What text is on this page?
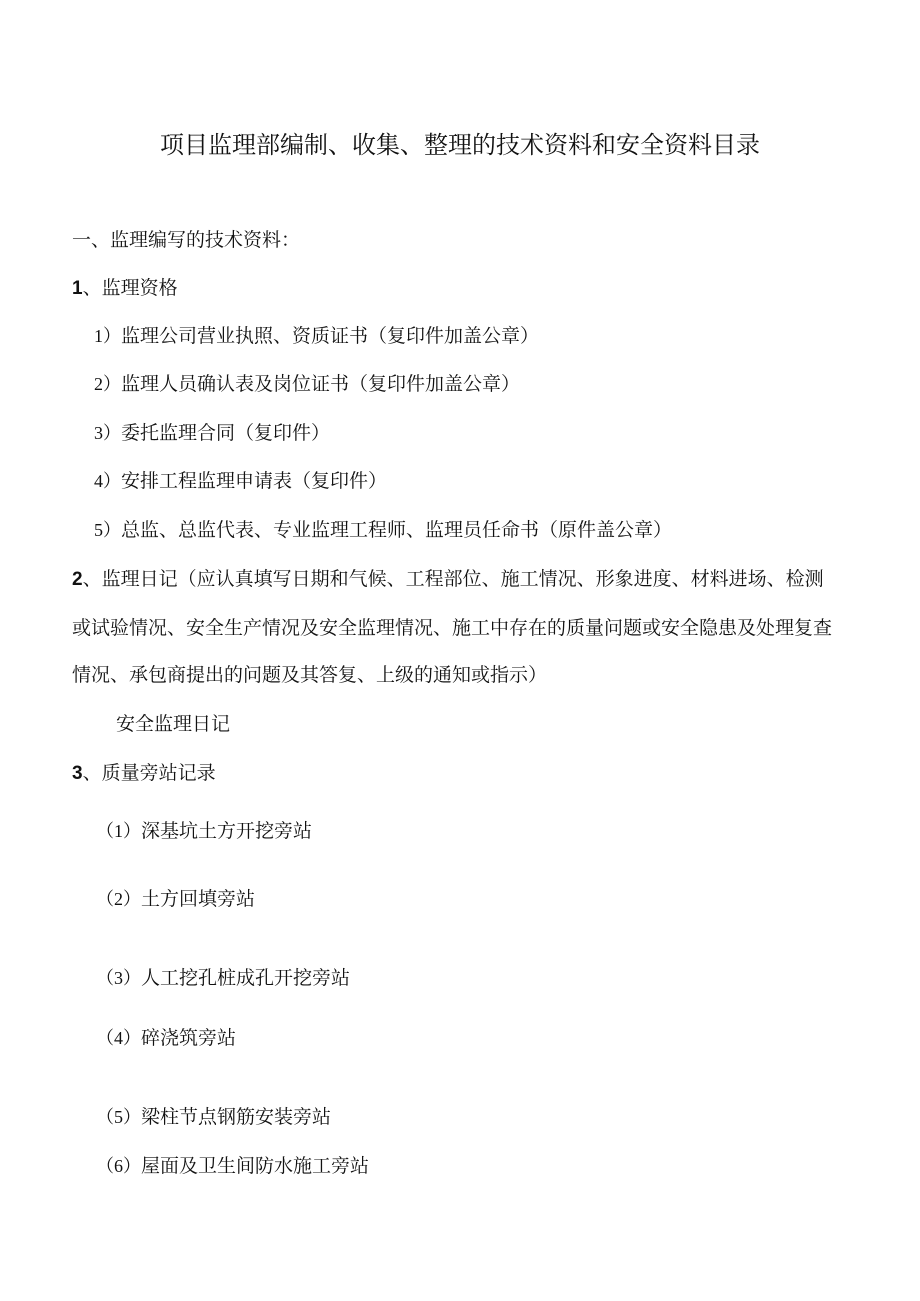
项目监理部编制、收集、整理的技术资料和安全资料目录
一、监理编写的技术资料：
1、监理资格
1）监理公司营业执照、资质证书（复印件加盖公章）
2）监理人员确认表及岗位证书（复印件加盖公章）
3）委托监理合同（复印件）
4）安排工程监理申请表（复印件）
5）总监、总监代表、专业监理工程师、监理员任命书（原件盖公章）
2、监理日记（应认真填写日期和气候、工程部位、施工情况、形象进度、材料进场、检测
或试验情况、安全生产情况及安全监理情况、施工中存在的质量问题或安全隐患及处理复查
情况、承包商提出的问题及其答复、上级的通知或指示）
安全监理日记
3、质量旁站记录
（1）深基坑土方开挖旁站
（2）土方回填旁站
（3）人工挖孔桩成孔开挖旁站
（4）碎浇筑旁站
（5）梁柱节点钢筋安装旁站
（6）屋面及卫生间防水施工旁站
